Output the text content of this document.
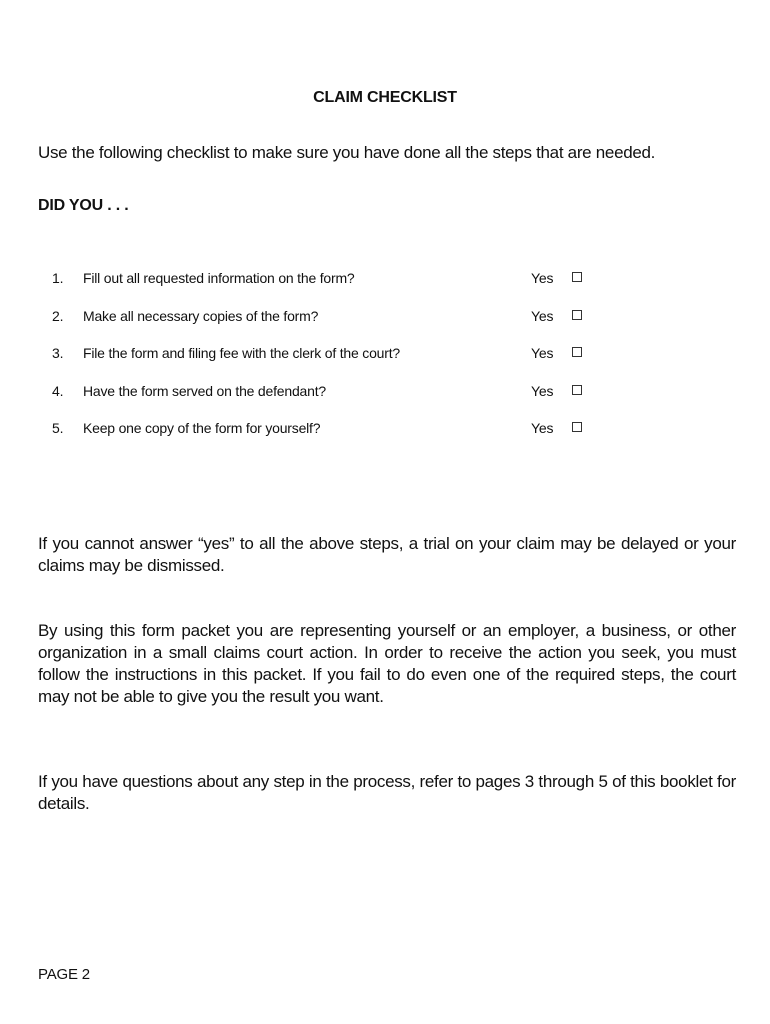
CLAIM CHECKLIST
Use the following checklist to make sure you have done all the steps that are needed.
DID YOU . . .
1. Fill out all requested information on the form?	Yes
2. Make all necessary copies of the form?	Yes
3. File the form and filing fee with the clerk of the court?	Yes
4. Have the form served on the defendant?	Yes
5. Keep one copy of the form for yourself?	Yes

If you cannot answer “yes” to all the above steps, a trial on your claim may be delayed or your claims may be dismissed.

By using this form packet you are representing yourself or an employer, a business, or other organization in a small claims court action. In order to receive the action you seek, you must follow the instructions in this packet. If you fail to do even one of the required steps, the court may not be able to give you the result you want.

If you have questions about any step in the process, refer to pages 3 through 5 of this booklet for details.

PAGE 2
